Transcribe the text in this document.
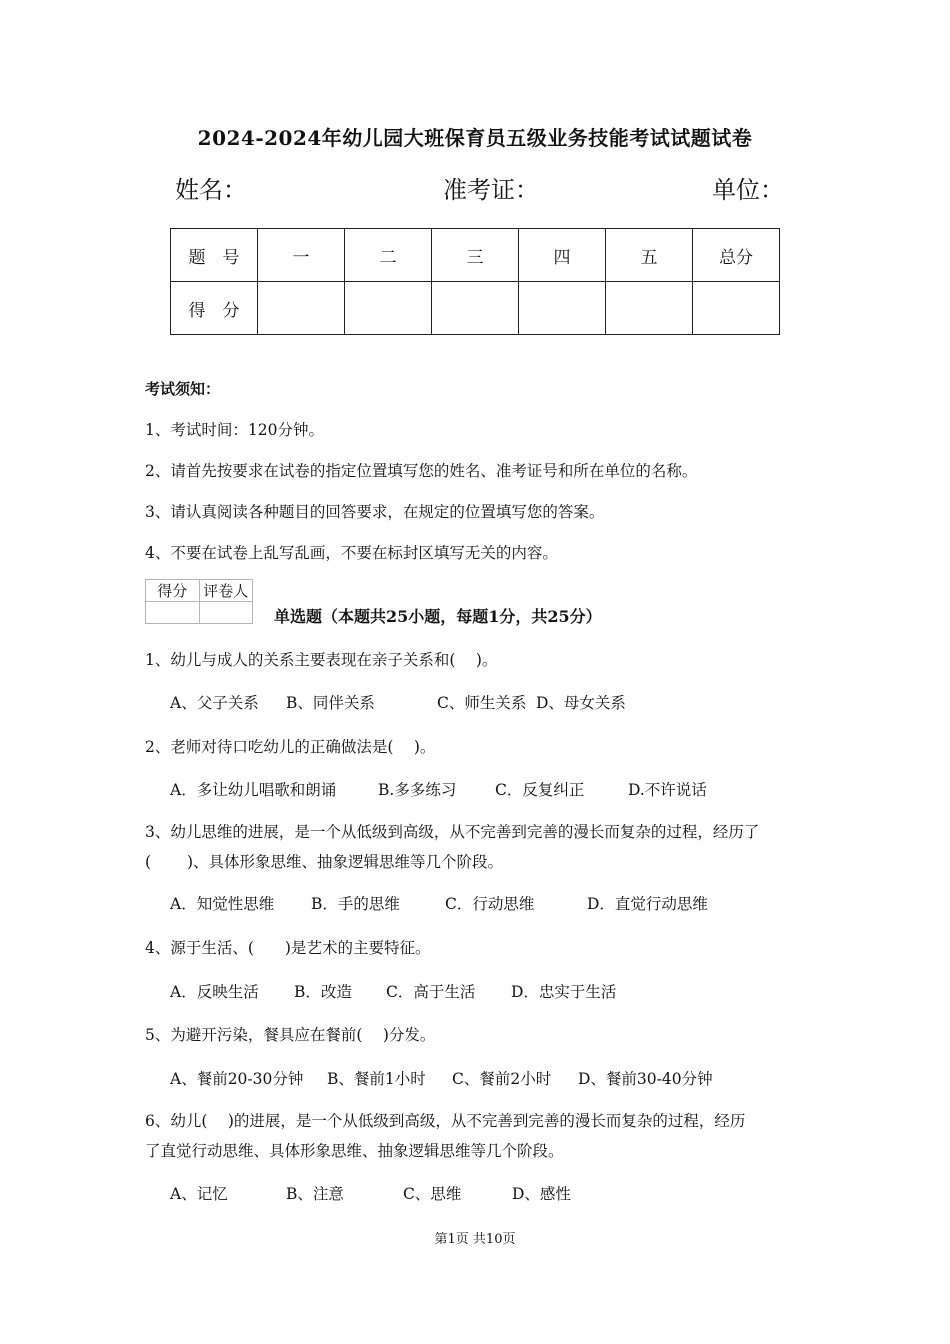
2024-2024年幼儿园大班保育员五级业务技能考试试题试卷
姓名：	准考证：	单位：
题　号	一	二	三	四	五	总分
得　分						
考试须知：
1、考试时间：120分钟。
2、请首先按要求在试卷的指定位置填写您的姓名、准考证号和所在单位的名称。
3、请认真阅读各种题目的回答要求，在规定的位置填写您的答案。
4、不要在试卷上乱写乱画，不要在标封区填写无关的内容。
得分	评卷人

单选题（本题共25小题，每题1分，共25分）
1、幼儿与成人的关系主要表现在亲子关系和(　 )。
A、父子关系 B、同伴关系	C、师生关系 D、母女关系
2、老师对待口吃幼儿的正确做法是(　 )。
A．多让幼儿唱歌和朗诵	B.多多练习 C．反复纠正	D.不许说话
3、幼儿思维的进展，是一个从低级到高级，从不完善到完善的漫长而复杂的过程，经历了
(　　 )、具体形象思维、抽象逻辑思维等几个阶段。
A．知觉性思维 B．手的思维	C．行动思维	D．直觉行动思维
4、源于生活、(　　)是艺术的主要特征。
A．反映生活 B．改造 C．高于生活 D．忠实于生活
5、为避开污染，餐具应在餐前(　 )分发。
A、餐前20-30分钟 B、餐前1小时 C、餐前2小时 D、餐前30-40分钟
6、幼儿(　 )的进展，是一个从低级到高级，从不完善到完善的漫长而复杂的过程，经历
了直觉行动思维、具体形象思维、抽象逻辑思维等几个阶段。
A、记忆	B、注意	C、思维	D、感性
第1页 共10页
